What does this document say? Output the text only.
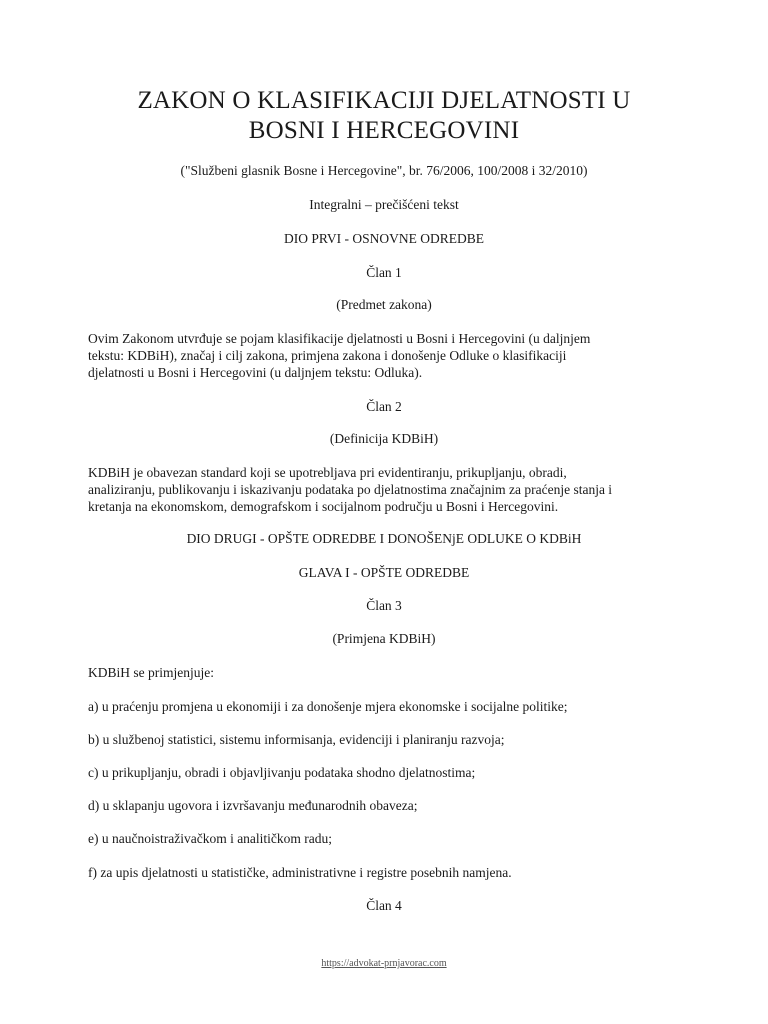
ZAKON O KLASIFIKACIJI DJELATNOSTI U
BOSNI I HERCEGOVINI

("Službeni glasnik Bosne i Hercegovine", br. 76/2006, 100/2008 i 32/2010)

Integralni – prečišćeni tekst

DIO PRVI - OSNOVNE ODREDBE

Član 1

(Predmet zakona)

Ovim Zakonom utvrđuje se pojam klasifikacije djelatnosti u Bosni i Hercegovini (u daljnjem

tekstu: KDBiH), značaj i cilj zakona, primjena zakona i donošenje Odluke o klasifikaciji

djelatnosti u Bosni i Hercegovini (u daljnjem tekstu: Odluka).

Član 2

(Definicija KDBiH)

KDBiH je obavezan standard koji se upotrebljava pri evidentiranju, prikupljanju, obradi,

analiziranju, publikovanju i iskazivanju podataka po djelatnostima značajnim za praćenje stanja i

kretanja na ekonomskom, demografskom i socijalnom području u Bosni i Hercegovini.

DIO DRUGI - OPŠTE ODREDBE I DONOŠENjE ODLUKE O KDBiH

GLAVA I - OPŠTE ODREDBE

Član 3

(Primjena KDBiH)

KDBiH se primjenjuje:

a) u praćenju promjena u ekonomiji i za donošenje mjera ekonomske i socijalne politike;

b) u službenoj statistici, sistemu informisanja, evidenciji i planiranju razvoja;

c) u prikupljanju, obradi i objavljivanju podataka shodno djelatnostima;

d) u sklapanju ugovora i izvršavanju međunarodnih obaveza;

e) u naučnoistraživačkom i analitičkom radu;

f) za upis djelatnosti u statističke, administrativne i registre posebnih namjena.

Član 4

https://advokat-prnjavorac.com
